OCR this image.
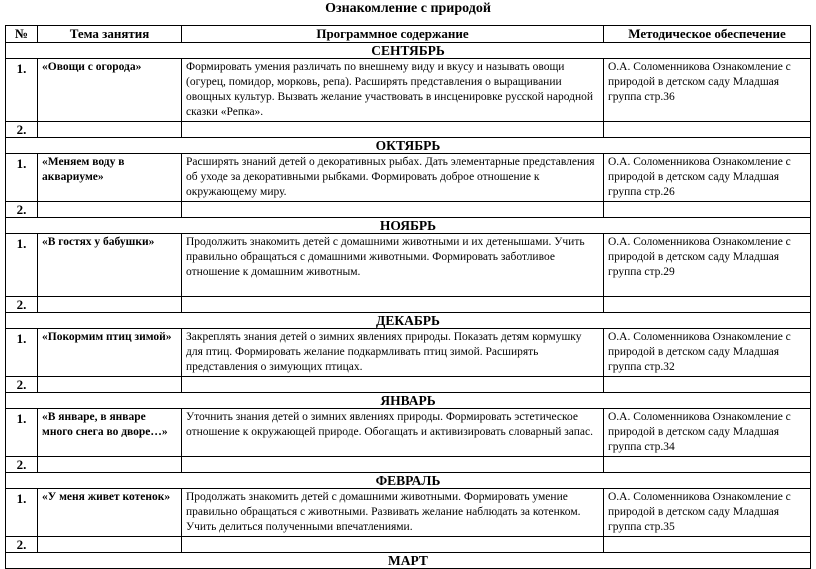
Ознакомление с природой
№	Тема занятия	Программное содержание	Методическое обеспечение
СЕНТЯБРЬ			
1.	«Овощи с огорода»	Формировать умения различать по внешнему виду и вкусу и называть овощи (огурец, помидор, морковь, репа). Расширять представления о выращивании овощных культур. Вызвать желание участвовать в инсценировке русской народной сказки «Репка».	О.А. Соломенникова Ознакомление с природой в детском саду Младшая группа стр.36
2.			
ОКТЯБРЬ			
1.	«Меняем воду в аквариуме»	Расширять знаний детей о декоративных рыбах. Дать элементарные представления об уходе за декоративными рыбками. Формировать доброе отношение к окружающему миру.	О.А. Соломенникова Ознакомление с природой в детском саду Младшая группа стр.26
2.			
НОЯБРЬ			
1.	«В гостях у бабушки»	Продолжить знакомить детей с домашними животными и их детенышами. Учить правильно обращаться с домашними животными. Формировать заботливое отношение к домашним животным.	О.А. Соломенникова Ознакомление с природой в детском саду Младшая группа стр.29
2.			
ДЕКАБРЬ			
1.	«Покормим птиц зимой»	Закреплять знания детей о зимних явлениях природы. Показать детям кормушку для птиц. Формировать желание подкармливать птиц зимой. Расширять представления о зимующих птицах.	О.А. Соломенникова Ознакомление с природой в детском саду Младшая группа стр.32
2.			
ЯНВАРЬ			
1.	«В январе, в январе много снега во дворе…»	Уточнить знания детей о зимних явлениях природы. Формировать эстетическое отношение к окружающей природе. Обогащать и активизировать словарный запас.	О.А. Соломенникова Ознакомление с природой в детском саду Младшая группа стр.34
2.			
ФЕВРАЛЬ			
1.	«У меня живет котенок»	Продолжать знакомить детей с домашними животными. Формировать умение правильно обращаться с животными. Развивать желание наблюдать за котенком. Учить делиться полученными впечатлениями.	О.А. Соломенникова Ознакомление с природой в детском саду Младшая группа стр.35
2.			
МАРТ			
